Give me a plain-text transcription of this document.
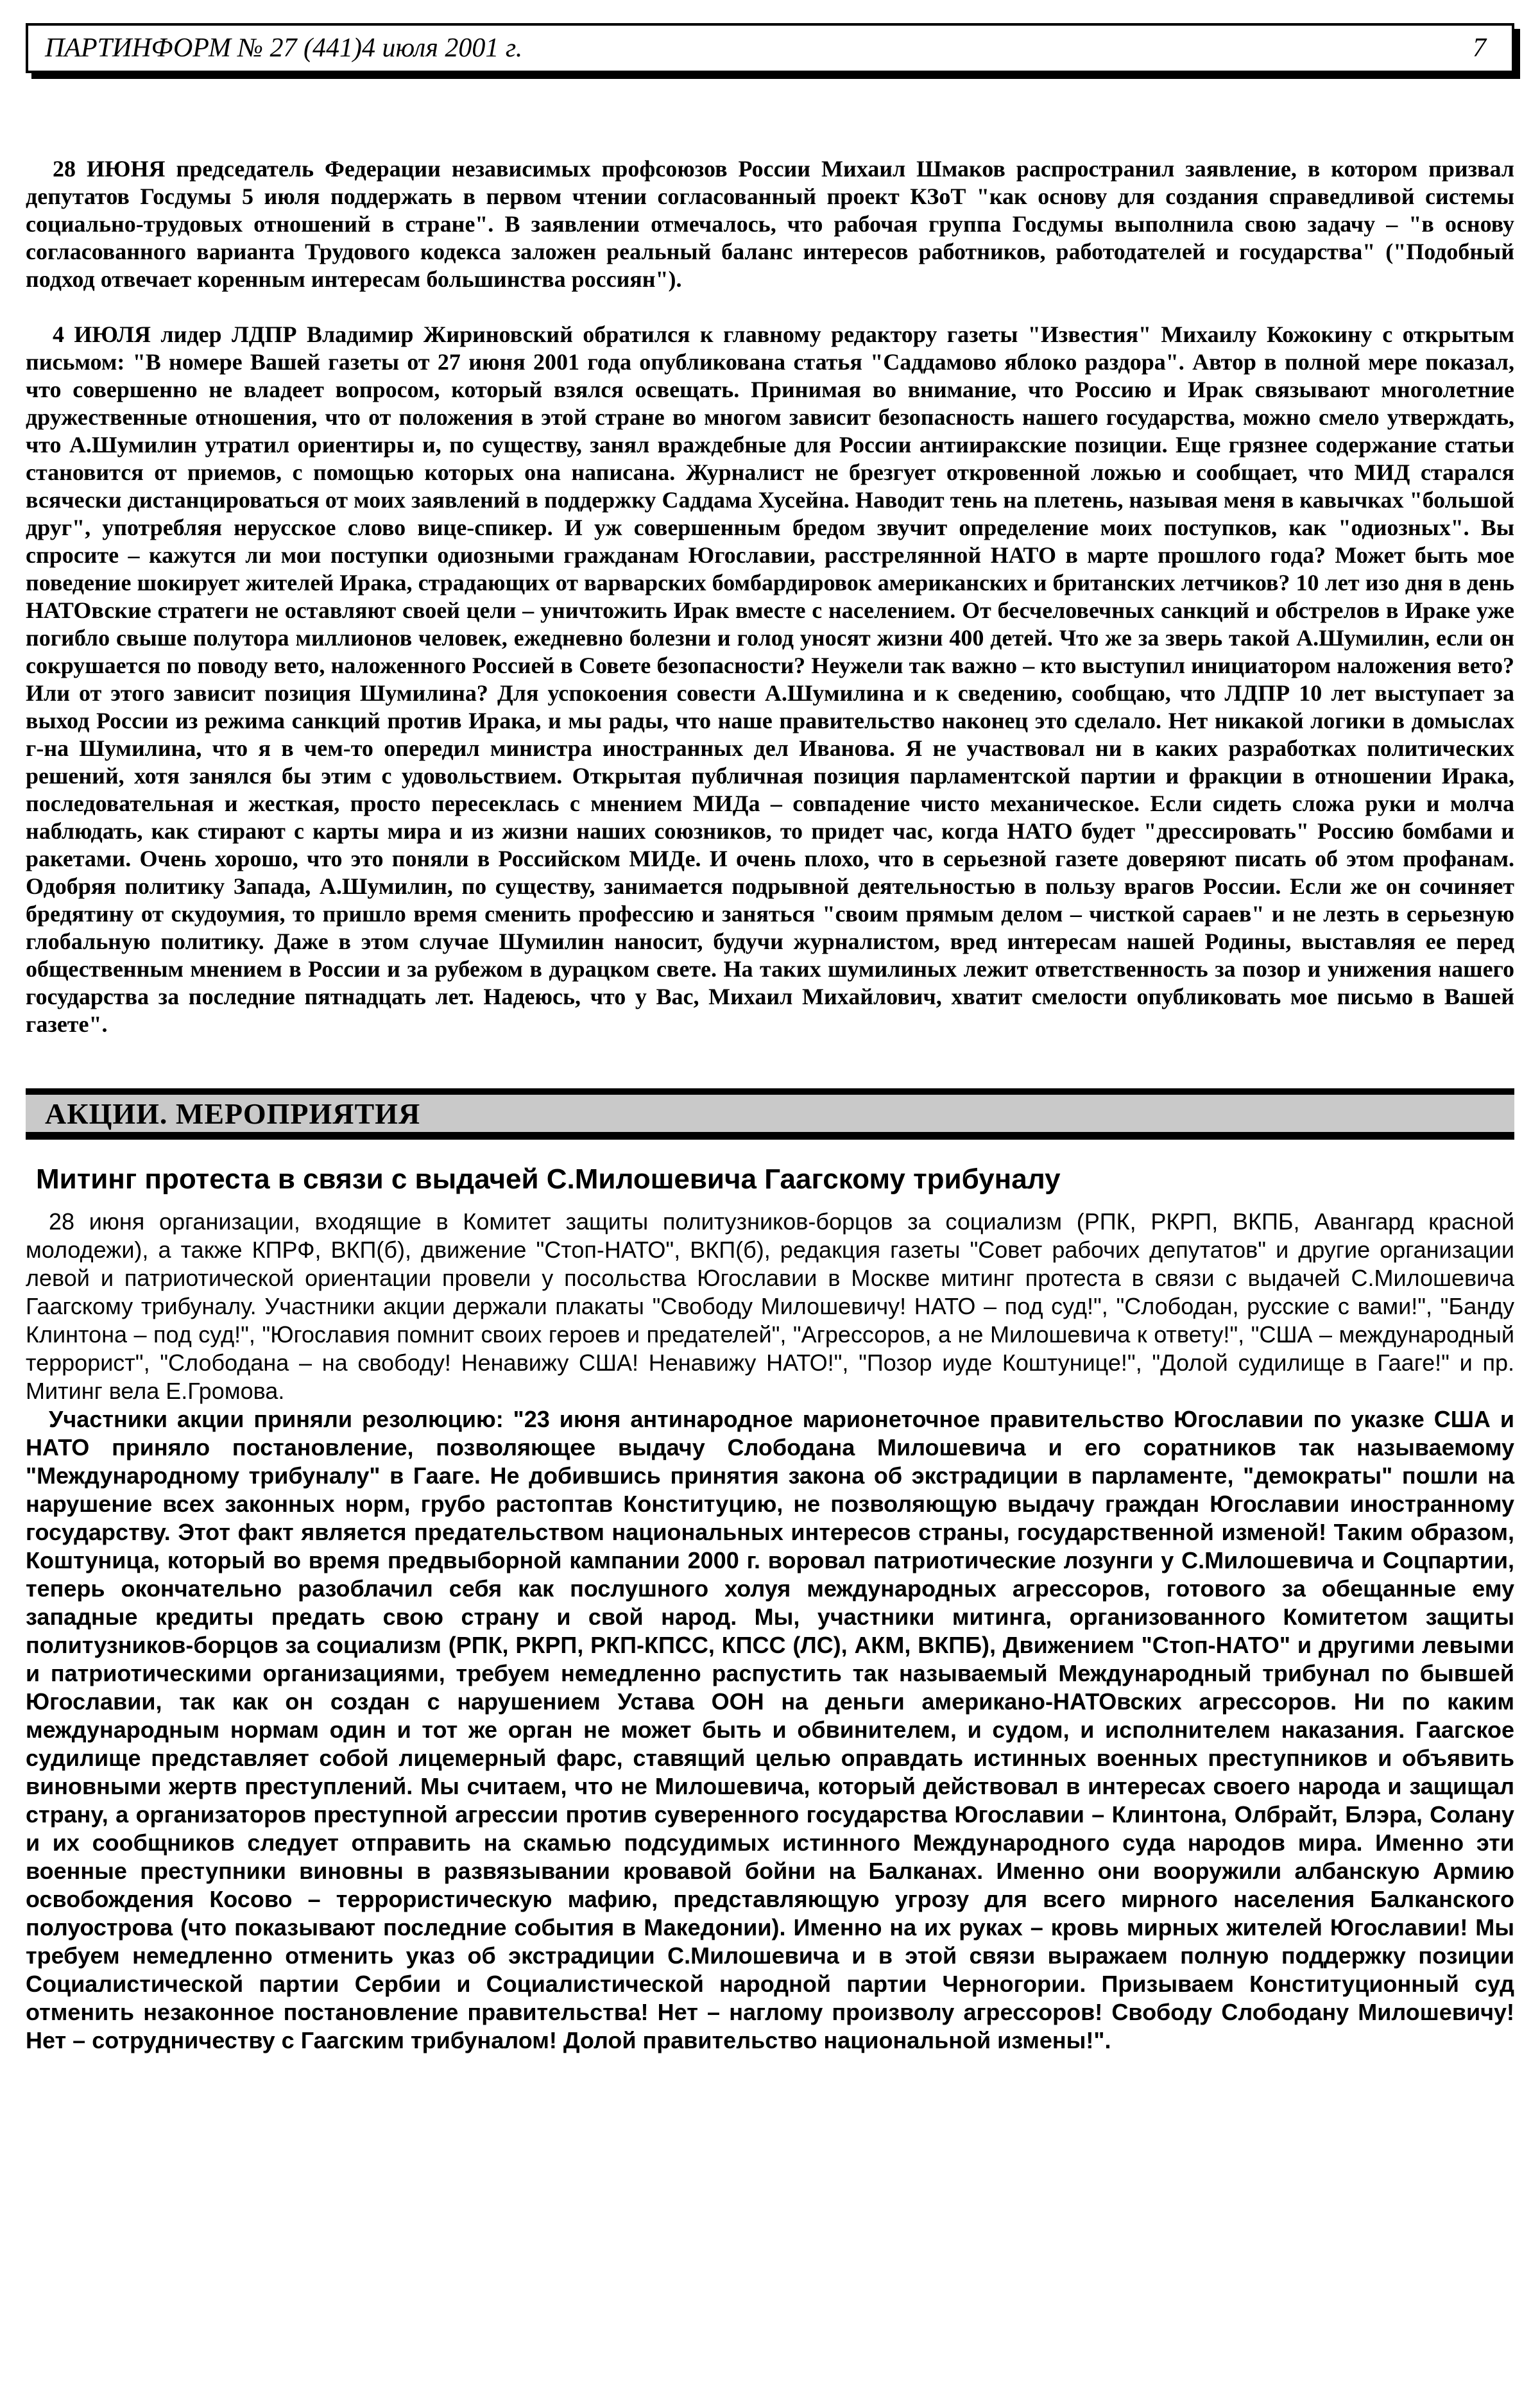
ПАРТИНФОРМ № 27 (441)4 июля 2001 г.	7

28 ИЮНЯ председатель Федерации независимых профсоюзов России Михаил Шмаков распространил заявление, в котором призвал депутатов Госдумы 5 июля поддержать в первом чтении согласованный проект КЗоТ "как основу для создания справедливой системы социально-трудовых отношений в стране". В заявлении отмечалось, что рабочая группа Госдумы выполнила свою задачу – "в основу согласованного варианта Трудового кодекса заложен реальный баланс интересов работников, работодателей и государства" ("Подобный подход отвечает коренным интересам большинства россиян").

4 ИЮЛЯ лидер ЛДПР Владимир Жириновский обратился к главному редактору газеты "Известия" Михаилу Кожокину с открытым письмом: "В номере Вашей газеты от 27 июня 2001 года опубликована статья "Саддамово яблоко раздора". Автор в полной мере показал, что совершенно не владеет вопросом, который взялся освещать. Принимая во внимание, что Россию и Ирак связывают многолетние дружественные отношения, что от положения в этой стране во многом зависит безопасность нашего государства, можно смело утверждать, что А.Шумилин утратил ориентиры и, по существу, занял враждебные для России антииракские позиции. Еще грязнее содержание статьи становится от приемов, с помощью которых она написана. Журналист не брезгует откровенной ложью и сообщает, что МИД старался всячески дистанцироваться от моих заявлений в поддержку Саддама Хусейна. Наводит тень на плетень, называя меня в кавычках "большой друг", употребляя нерусское слово вице-спикер. И уж совершенным бредом звучит определение моих поступков, как "одиозных". Вы спросите – кажутся ли мои поступки одиозными гражданам Югославии, расстрелянной НАТО в марте прошлого года? Может быть мое поведение шокирует жителей Ирака, страдающих от варварских бомбардировок американских и британских летчиков? 10 лет изо дня в день НАТОвские стратеги не оставляют своей цели – уничтожить Ирак вместе с населением. От бесчеловечных санкций и обстрелов в Ираке уже погибло свыше полутора миллионов человек, ежедневно болезни и голод уносят жизни 400 детей. Что же за зверь такой А.Шумилин, если он сокрушается по поводу вето, наложенного Россией в Совете безопасности? Неужели так важно – кто выступил инициатором наложения вето? Или от этого зависит позиция Шумилина? Для успокоения совести А.Шумилина и к сведению, сообщаю, что ЛДПР 10 лет выступает за выход России из режима санкций против Ирака, и мы рады, что наше правительство наконец это сделало. Нет никакой логики в домыслах г-на Шумилина, что я в чем-то опередил министра иностранных дел Иванова. Я не участвовал ни в каких разработках политических решений, хотя занялся бы этим с удовольствием. Открытая публичная позиция парламентской партии и фракции в отношении Ирака, последовательная и жесткая, просто пересеклась с мнением МИДа – совпадение чисто механическое. Если сидеть сложа руки и молча наблюдать, как стирают с карты мира и из жизни наших союзников, то придет час, когда НАТО будет "дрессировать" Россию бомбами и ракетами. Очень хорошо, что это поняли в Российском МИДе. И очень плохо, что в серьезной газете доверяют писать об этом профанам. Одобряя политику Запада, А.Шумилин, по существу, занимается подрывной деятельностью в пользу врагов России. Если же он сочиняет бредятину от скудоумия, то пришло время сменить профессию и заняться "своим прямым делом – чисткой сараев" и не лезть в серьезную глобальную политику. Даже в этом случае Шумилин наносит, будучи журналистом, вред интересам нашей Родины, выставляя ее перед общественным мнением в России и за рубежом в дурацком свете. На таких шумилиных лежит ответственность за позор и унижения нашего государства за последние пятнадцать лет. Надеюсь, что у Вас, Михаил Михайлович, хватит смелости опубликовать мое письмо в Вашей газете".

АКЦИИ. МЕРОПРИЯТИЯ
Митинг протеста в связи с выдачей С.Милошевича Гаагскому трибуналу

28 июня организации, входящие в Комитет защиты политузников-борцов за социализм (РПК, РКРП, ВКПБ, Авангард красной молодежи), а также КПРФ, ВКП(б), движение "Стоп-НАТО", ВКП(б), редакция газеты "Совет рабочих депутатов" и другие организации левой и патриотической ориентации провели у посольства Югославии в Москве митинг протеста в связи с выдачей С.Милошевича Гаагскому трибуналу. Участники акции держали плакаты "Свободу Милошевичу! НАТО – под суд!", "Слободан, русские с вами!", "Банду Клинтона – под суд!", "Югославия помнит своих героев и предателей", "Агрессоров, а не Милошевича к ответу!", "США – международный террорист", "Слободана – на свободу! Ненавижу США! Ненавижу НАТО!", "Позор иуде Коштунице!", "Долой судилище в Гааге!" и пр. Митинг вела Е.Громова.

Участники акции приняли резолюцию: "23 июня антинародное марионеточное правительство Югославии по указке США и НАТО приняло постановление, позволяющее выдачу Слободана Милошевича и его соратников так называемому "Международному трибуналу" в Гааге. Не добившись принятия закона об экстрадиции в парламенте, "демократы" пошли на нарушение всех законных норм, грубо растоптав Конституцию, не позволяющую выдачу граждан Югославии иностранному государству. Этот факт является предательством национальных интересов страны, государственной изменой! Таким образом, Коштуница, который во время предвыборной кампании 2000 г. воровал патриотические лозунги у С.Милошевича и Соцпартии, теперь окончательно разоблачил себя как послушного холуя международных агрессоров, готового за обещанные ему западные кредиты предать свою страну и свой народ. Мы, участники митинга, организованного Комитетом защиты политузников-борцов за социализм (РПК, РКРП, РКП-КПСС, КПСС (ЛС), АКМ, ВКПБ), Движением "Стоп-НАТО" и другими левыми и патриотическими организациями, требуем немедленно распустить так называемый Международный трибунал по бывшей Югославии, так как он создан с нарушением Устава ООН на деньги американо-НАТОвских агрессоров. Ни по каким международным нормам один и тот же орган не может быть и обвинителем, и судом, и исполнителем наказания. Гаагское судилище представляет собой лицемерный фарс, ставящий целью оправдать истинных военных преступников и объявить виновными жертв преступлений. Мы считаем, что не Милошевича, который действовал в интересах своего народа и защищал страну, а организаторов преступной агрессии против суверенного государства Югославии – Клинтона, Олбрайт, Блэра, Солану и их сообщников следует отправить на скамью подсудимых истинного Международного суда народов мира. Именно эти военные преступники виновны в развязывании кровавой бойни на Балканах. Именно они вооружили албанскую Армию освобождения Косово – террористическую мафию, представляющую угрозу для всего мирного населения Балканского полуострова (что показывают последние события в Македонии). Именно на их руках – кровь мирных жителей Югославии! Мы требуем немедленно отменить указ об экстрадиции С.Милошевича и в этой связи выражаем полную поддержку позиции Социалистической партии Сербии и Социалистической народной партии Черногории. Призываем Конституционный суд отменить незаконное постановление правительства! Нет – наглому произволу агрессоров! Свободу Слободану Милошевичу! Нет – сотрудничеству с Гаагским трибуналом! Долой правительство национальной измены!".
